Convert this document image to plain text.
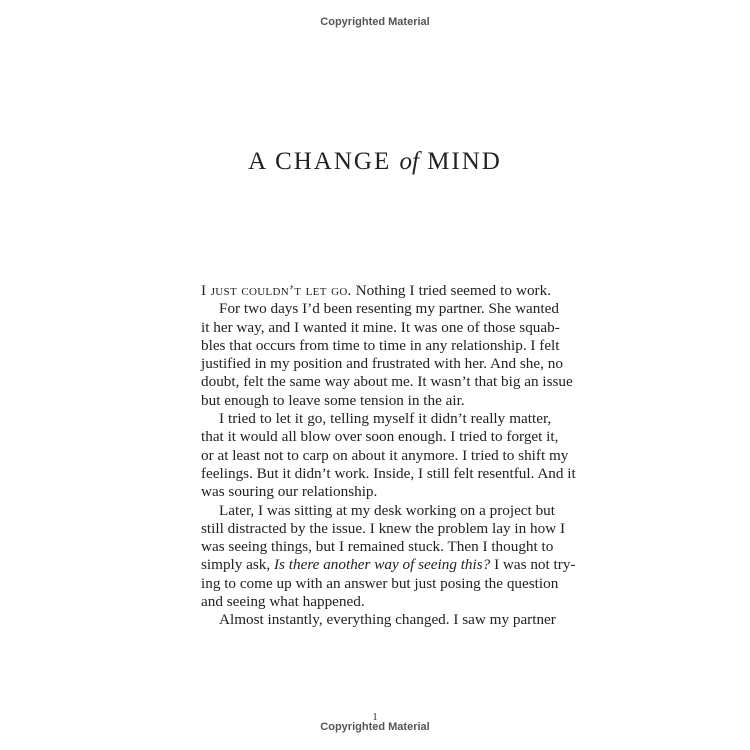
Copyrighted Material
A CHANGE of MIND
I just couldn’t let go. Nothing I tried seemed to work.
For two days I’d been resenting my partner. She wanted
it her way, and I wanted it mine. It was one of those squab-
bles that occurs from time to time in any relationship. I felt
justified in my position and frustrated with her. And she, no
doubt, felt the same way about me. It wasn’t that big an issue
but enough to leave some tension in the air.
I tried to let it go, telling myself it didn’t really matter,
that it would all blow over soon enough. I tried to forget it,
or at least not to carp on about it anymore. I tried to shift my
feelings. But it didn’t work. Inside, I still felt resentful. And it
was souring our relationship.
Later, I was sitting at my desk working on a project but
still distracted by the issue. I knew the problem lay in how I
was seeing things, but I remained stuck. Then I thought to
simply ask, Is there another way of seeing this? I was not try-
ing to come up with an answer but just posing the question
and seeing what happened.
Almost instantly, everything changed. I saw my partner
1
Copyrighted Material
